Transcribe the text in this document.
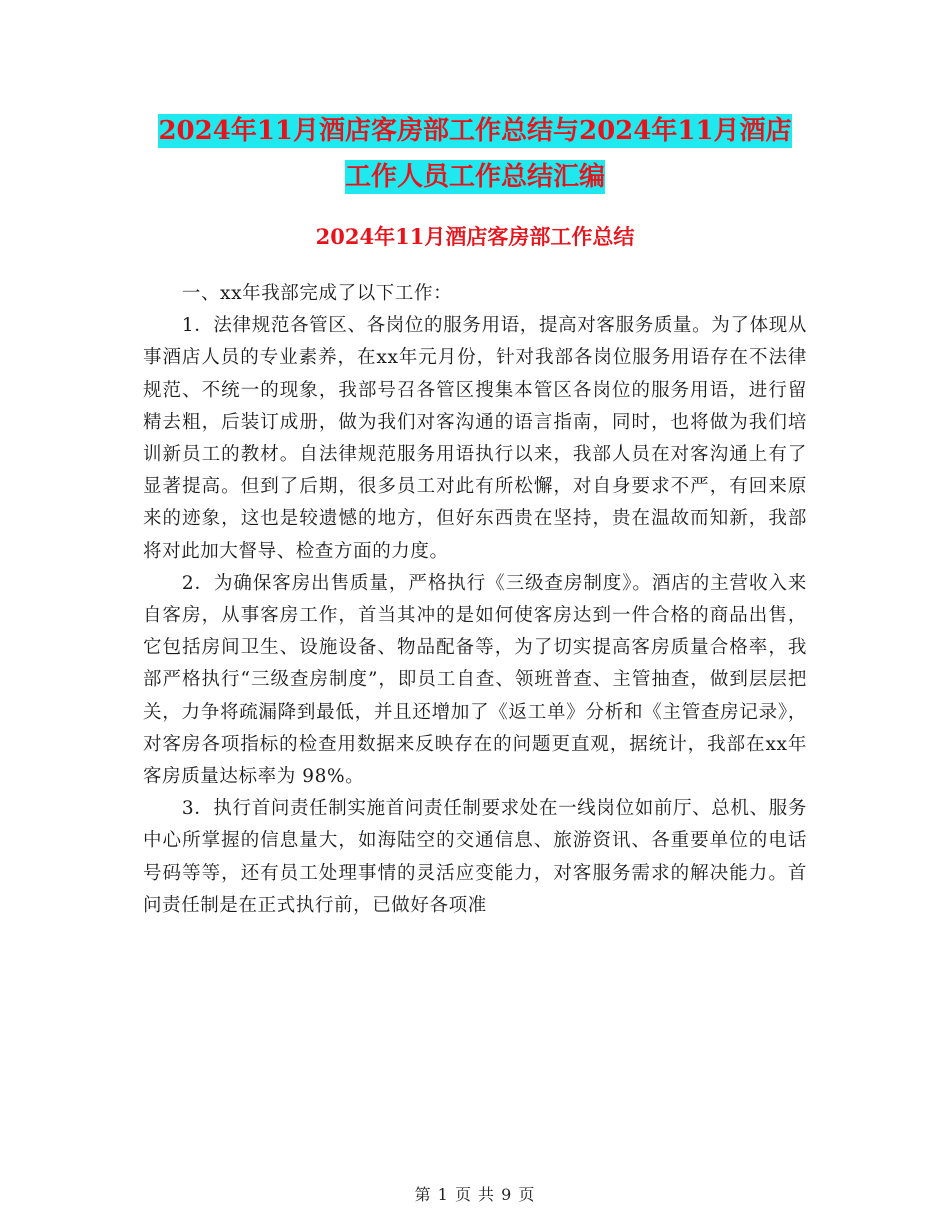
2024年11月酒店客房部工作总结与2024年11月酒店
工作人员工作总结汇编
2024年11月酒店客房部工作总结

一、xx年我部完成了以下工作：

1．法律规范各管区、各岗位的服务用语，提高对客服务质量。为了体现从事酒店人员的专业素养，在xx年元月份，针对我部各岗位服务用语存在不法律规范、不统一的现象，我部号召各管区搜集本管区各岗位的服务用语，进行留精去粗，后装订成册，做为我们对客沟通的语言指南，同时，也将做为我们培训新员工的教材。自法律规范服务用语执行以来，我部人员在对客沟通上有了显著提高。但到了后期，很多员工对此有所松懈，对自身要求不严，有回来原来的迹象，这也是较遗憾的地方，但好东西贵在坚持，贵在温故而知新，我部将对此加大督导、检查方面的力度。

2．为确保客房出售质量，严格执行《三级查房制度》。酒店的主营收入来自客房，从事客房工作，首当其冲的是如何使客房达到一件合格的商品出售，它包括房间卫生、设施设备、物品配备等，为了切实提高客房质量合格率，我部严格执行“三级查房制度”，即员工自查、领班普查、主管抽查，做到层层把关，力争将疏漏降到最低，并且还增加了《返工单》分析和《主管查房记录》，对客房各项指标的检查用数据来反映存在的问题更直观，据统计，我部在xx年客房质量达标率为 98%。

3．执行首问责任制实施首问责任制要求处在一线岗位如前厅、总机、服务中心所掌握的信息量大，如海陆空的交通信息、旅游资讯、各重要单位的电话号码等等，还有员工处理事情的灵活应变能力，对客服务需求的解决能力。首问责任制是在正式执行前，已做好各项准

第 1 页 共 9 页
